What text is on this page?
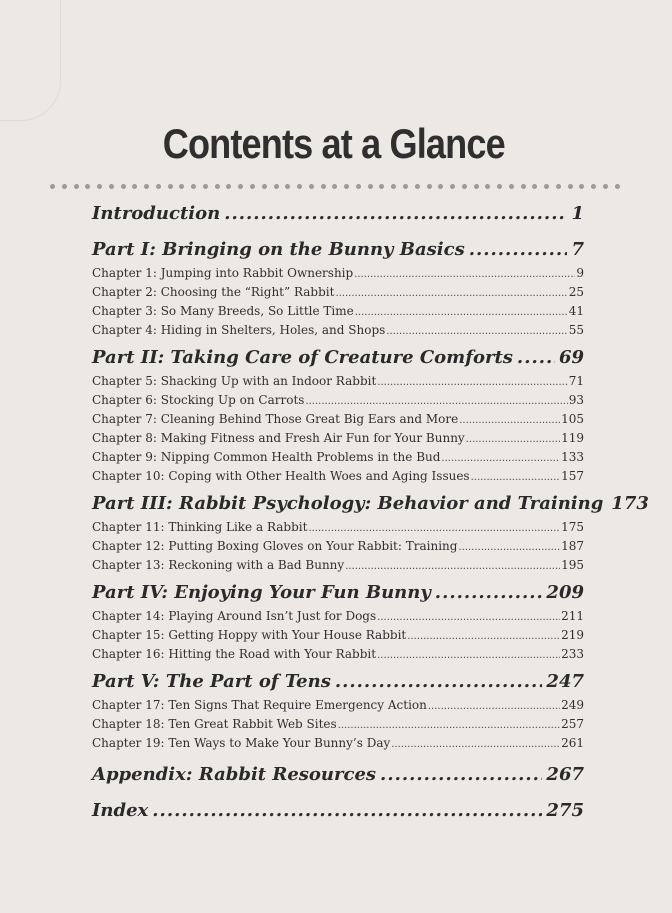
Contents at a Glance
Introduction .....	1
Part I: Bringing on the Bunny Basics .....	7
Chapter 1: Jumping into Rabbit Ownership .....	9
Chapter 2: Choosing the “Right” Rabbit .....	25
Chapter 3: So Many Breeds, So Little Time .....	41
Chapter 4: Hiding in Shelters, Holes, and Shops .....	55
Part II: Taking Care of Creature Comforts .....	69
Chapter 5: Shacking Up with an Indoor Rabbit .....	71
Chapter 6: Stocking Up on Carrots .....	93
Chapter 7: Cleaning Behind Those Great Big Ears and More .....	105
Chapter 8: Making Fitness and Fresh Air Fun for Your Bunny .....	119
Chapter 9: Nipping Common Health Problems in the Bud .....	133
Chapter 10: Coping with Other Health Woes and Aging Issues .....	157
Part III: Rabbit Psychology: Behavior and Training 173
Chapter 11: Thinking Like a Rabbit .....	175
Chapter 12: Putting Boxing Gloves on Your Rabbit: Training .....	187
Chapter 13: Reckoning with a Bad Bunny .....	195
Part IV: Enjoying Your Fun Bunny .....	209
Chapter 14: Playing Around Isn’t Just for Dogs .....	211
Chapter 15: Getting Hoppy with Your House Rabbit .....	219
Chapter 16: Hitting the Road with Your Rabbit .....	233
Part V: The Part of Tens .....	247
Chapter 17: Ten Signs That Require Emergency Action .....	249
Chapter 18: Ten Great Rabbit Web Sites .....	257
Chapter 19: Ten Ways to Make Your Bunny’s Day .....	261
Appendix: Rabbit Resources .....	267
Index .....	275
